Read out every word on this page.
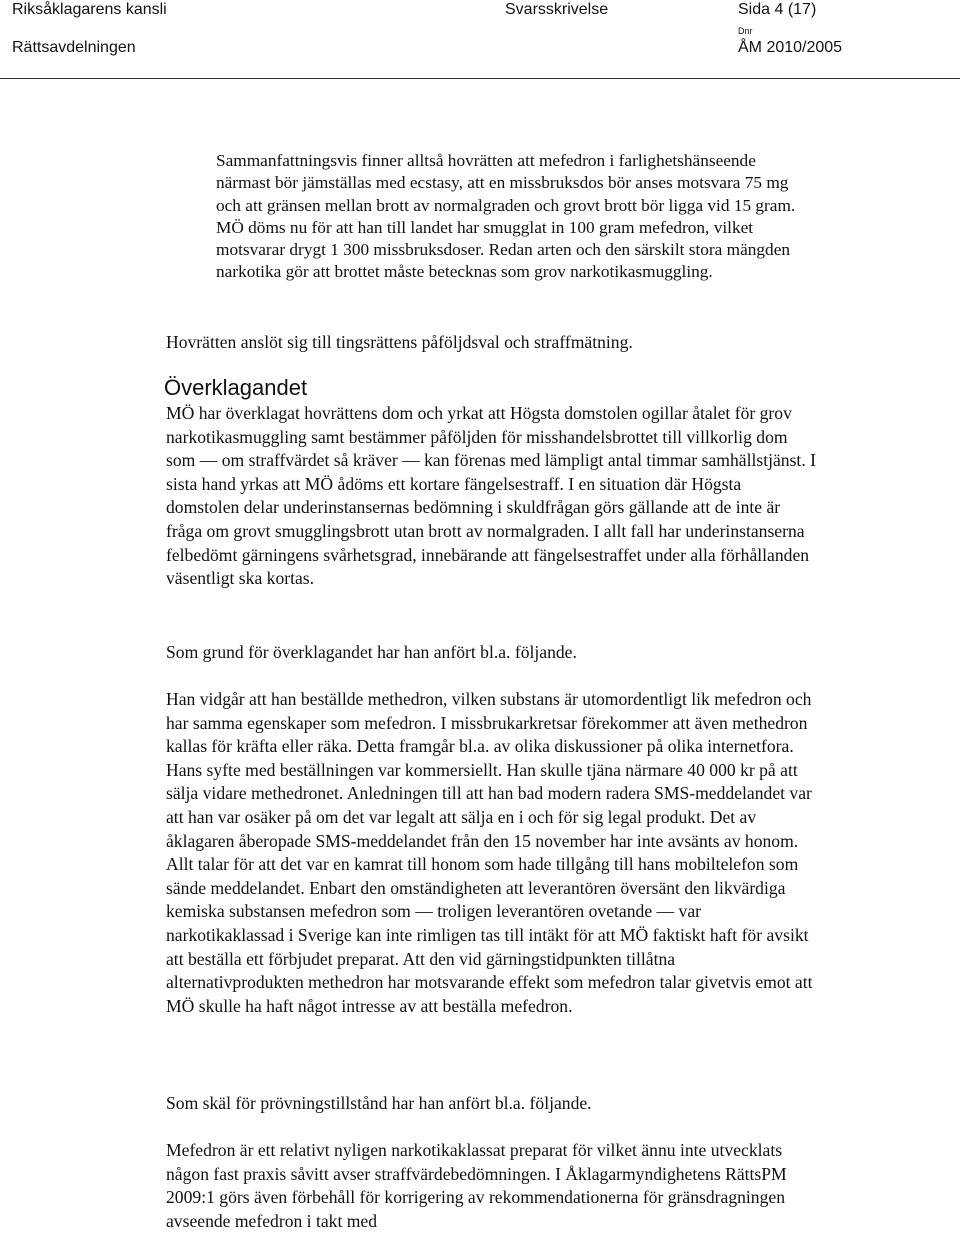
Riksåklagarens kansli
Rättsavdelningen
Svarsskrivelse	Sida 4 (17)
Dnr
ÅM 2010/2005

Sammanfattningsvis finner alltså hovrätten att mefedron i farlighetshänseende närmast bör jämställas med ecstasy, att en missbruksdos bör anses motsvara 75 mg och att gränsen mellan brott av normalgraden och grovt brott bör ligga vid 15 gram. MÖ döms nu för att han till landet har smugglat in 100 gram mefedron, vilket motsvarar drygt 1 300 missbruksdoser. Redan arten och den särskilt stora mängden narkotika gör att brottet måste betecknas som grov narkotikasmuggling.

Hovrätten anslöt sig till tingsrättens påföljdsval och straffmätning.

Överklagandet

MÖ har överklagat hovrättens dom och yrkat att Högsta domstolen ogillar åtalet för grov narkotikasmuggling samt bestämmer påföljden för misshandelsbrottet till villkorlig dom som — om straffvärdet så kräver — kan förenas med lämpligt antal timmar samhällstjänst. I sista hand yrkas att MÖ ådöms ett kortare fängelsestraff. I en situation där Högsta domstolen delar underinstansernas bedömning i skuldfrågan görs gällande att de inte är fråga om grovt smugglingsbrott utan brott av normalgraden. I allt fall har underinstanserna felbedömt gärningens svårhetsgrad, innebärande att fängelsestraffet under alla förhållanden väsentligt ska kortas.

Som grund för överklagandet har han anfört bl.a. följande.

Han vidgår att han beställde methedron, vilken substans är utomordentligt lik mefedron och har samma egenskaper som mefedron. I missbrukarkretsar förekommer att även methedron kallas för kräfta eller räka. Detta framgår bl.a. av olika diskussioner på olika internetfora. Hans syfte med beställningen var kommersiellt. Han skulle tjäna närmare 40 000 kr på att sälja vidare methedronet. Anledningen till att han bad modern radera SMS-meddelandet var att han var osäker på om det var legalt att sälja en i och för sig legal produkt. Det av åklagaren åberopade SMS-meddelandet från den 15 november har inte avsänts av honom. Allt talar för att det var en kamrat till honom som hade tillgång till hans mobiltelefon som sände meddelandet. Enbart den omständigheten att leverantören översänt den likvärdiga kemiska substansen mefedron som — troligen leverantören ovetande — var narkotikaklassad i Sverige kan inte rimligen tas till intäkt för att MÖ faktiskt haft för avsikt att beställa ett förbjudet preparat. Att den vid gärningstidpunkten tillåtna alternativprodukten methedron har motsvarande effekt som mefedron talar givetvis emot att MÖ skulle ha haft något intresse av att beställa mefedron.

Som skäl för prövningstillstånd har han anfört bl.a. följande.

Mefedron är ett relativt nyligen narkotikaklassat preparat för vilket ännu inte utvecklats någon fast praxis såvitt avser straffvärdebedömningen. I Åklagarmyndighetens RättsPM 2009:1 görs även förbehåll för korrigering av rekommendationerna för gränsdragningen avseende mefedron i takt med
